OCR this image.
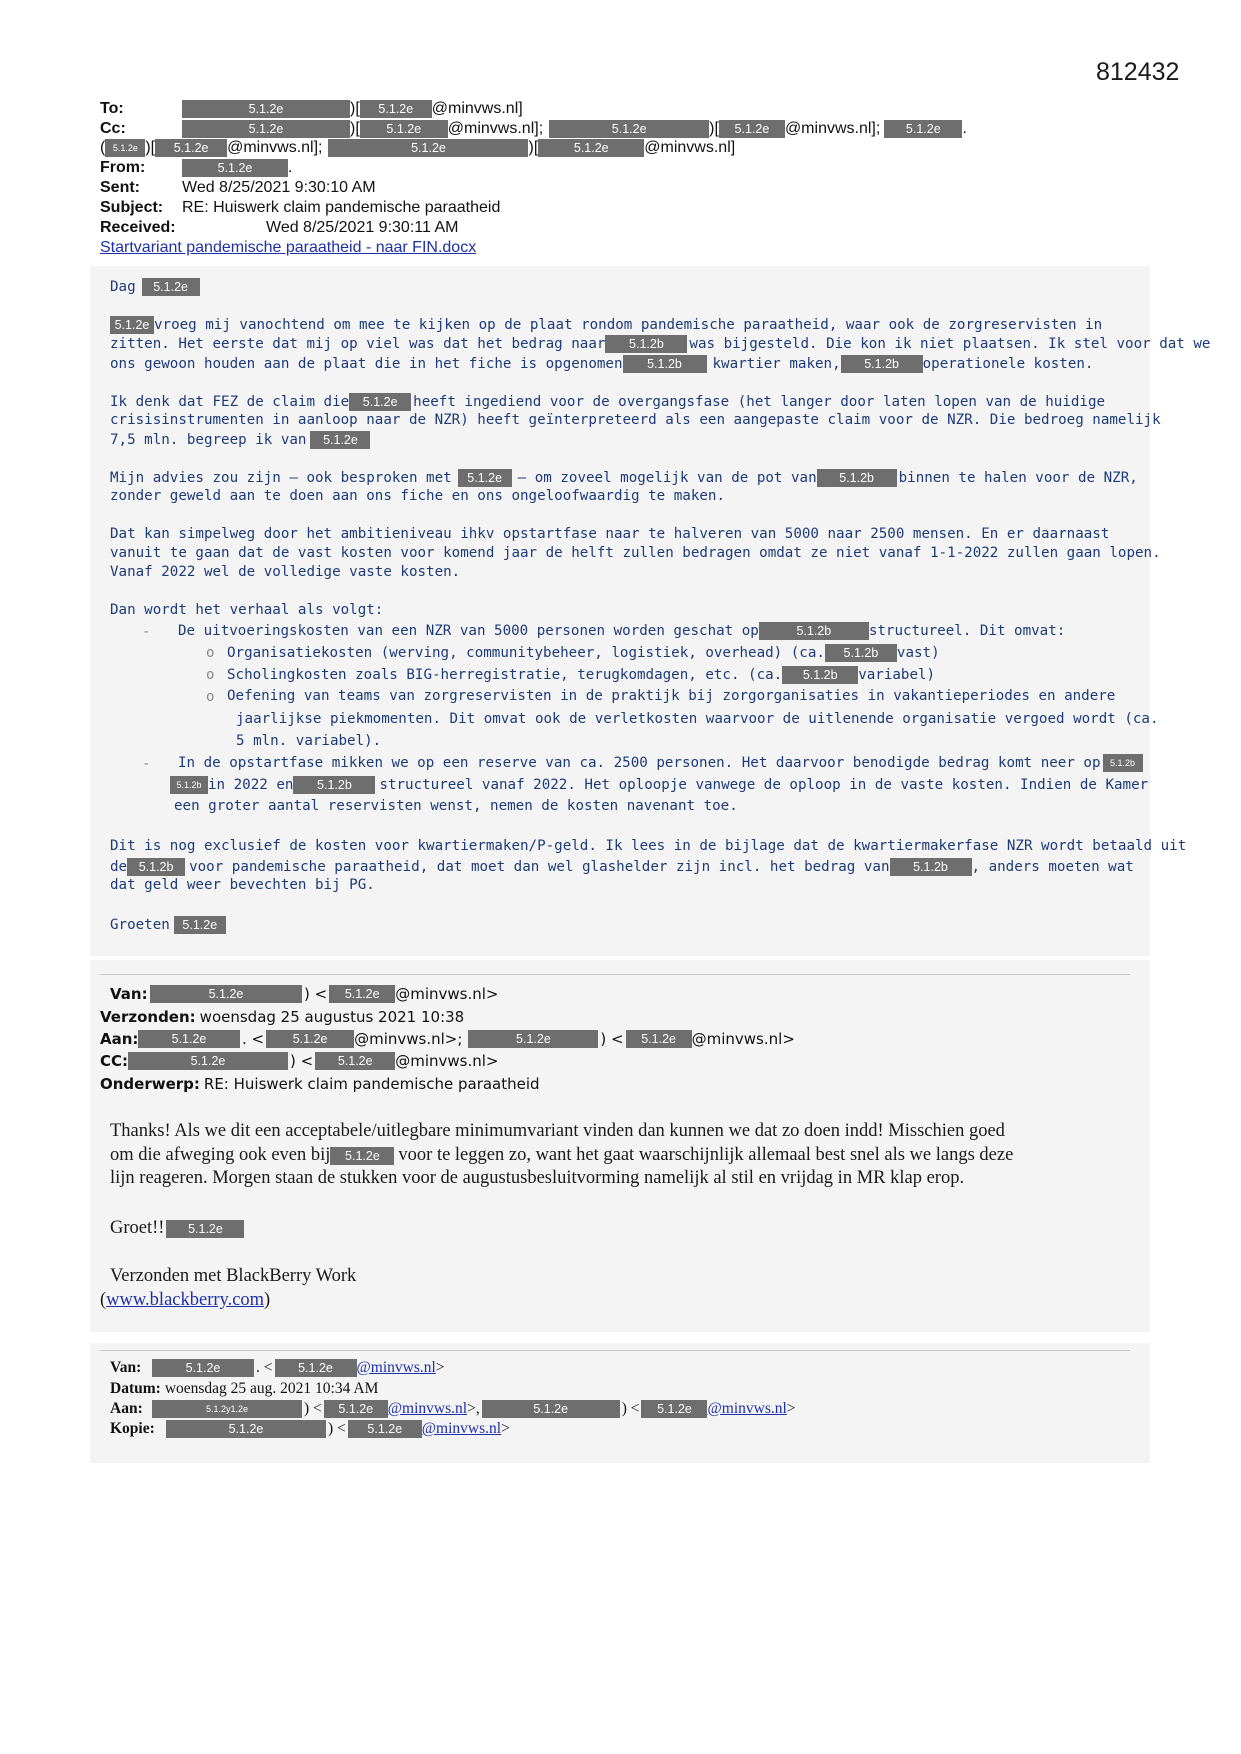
812432
To:	5.1.2e	)[	5.1.2e	@minvws.nl]
Cc:	5.1.2e	)[	5.1.2e	@minvws.nl];	5.1.2e	)[	5.1.2e @minvws.nl];	5.1.2e	.
( 5.1.2e )[	5.1.2e	@minvws.nl];	5.1.2e	)[	5.1.2e	@minvws.nl]
From:	5.1.2e	.
Sent:	Wed 8/25/2021 9:30:10 AM
Subject:	RE: Huiswerk claim pandemische paraatheid
Received:	Wed 8/25/2021 9:30:11 AM
Startvariant pandemische paraatheid - naar FIN.docx
Dag	5.1.2e
5.1.2e vroeg mij vanochtend om mee te kijken op de plaat rondom pandemische paraatheid, waar ook de zorgreservisten in
zitten. Het eerste dat mij op viel was dat het bedrag naar	5.1.2b	was bijgesteld. Die kon ik niet plaatsen. Ik stel voor dat we
ons gewoon houden aan de plaat die in het fiche is opgenomen	5.1.2b	kwartier maken,	5.1.2b	operationele kosten.
Ik denk dat FEZ de claim die	5.1.2e	heeft ingediend voor de overgangsfase (het langer door laten lopen van de huidige
crisisinstrumenten in aanloop naar de NZR) heeft geïnterpreteerd als een aangepaste claim voor de NZR. Die bedroeg namelijk
7,5 mln. begreep ik van	5.1.2e
Mijn advies zou zijn – ook besproken met	5.1.2e	– om zoveel mogelijk van de pot van	5.1.2b	binnen te halen voor de NZR,
zonder geweld aan te doen aan ons fiche en ons ongeloofwaardig te maken.
Dat kan simpelweg door het ambitieniveau ihkv opstartfase naar te halveren van 5000 naar 2500 mensen. En er daarnaast
vanuit te gaan dat de vast kosten voor komend jaar de helft zullen bedragen omdat ze niet vanaf 1-1-2022 zullen gaan lopen.
Vanaf 2022 wel de volledige vaste kosten.
Dan wordt het verhaal als volgt:
- De uitvoeringskosten van een NZR van 5000 personen worden geschat op	5.1.2b	structureel. Dit omvat:
o Organisatiekosten (werving, communitybeheer, logistiek, overhead) (ca.	5.1.2b	vast)
o Scholingkosten zoals BIG-herregistratie, terugkomdagen, etc. (ca.	5.1.2b	variabel)
o Oefening van teams van zorgreservisten in de praktijk bij zorgorganisaties in vakantieperiodes en andere
jaarlijkse piekmomenten. Dit omvat ook de verletkosten waarvoor de uitlenende organisatie vergoed wordt (ca.
5 mln. variabel).
- In de opstartfase mikken we op een reserve van ca. 2500 personen. Het daarvoor benodigde bedrag komt neer op	5.1.2b
5.1.2b in 2022 en	5.1.2b	structureel vanaf 2022. Het oploopje vanwege de oploop in de vaste kosten. Indien de Kamer
een groter aantal reservisten wenst, nemen de kosten navenant toe.
Dit is nog exclusief de kosten voor kwartiermaken/P-geld. Ik lees in de bijlage dat de kwartiermakerfase NZR wordt betaald uit
de 5.1.2b	voor pandemische paraatheid, dat moet dan wel glashelder zijn incl. het bedrag van	5.1.2b	, anders moeten wat
dat geld weer bevechten bij PG.
Groeten	5.1.2e
Van:	5.1.2e	) <	5.1.2e	@minvws.nl>
Verzonden: woensdag 25 augustus 2021 10:38
Aan:	5.1.2e	. <	5.1.2e	@minvws.nl>;	5.1.2e	) <	5.1.2e	@minvws.nl>
CC:	5.1.2e	) <	5.1.2e	@minvws.nl>
Onderwerp: RE: Huiswerk claim pandemische paraatheid
Thanks! Als we dit een acceptabele/uitlegbare minimumvariant vinden dan kunnen we dat zo doen indd! Misschien goed
om die afweging ook even bij	5.1.2e	voor te leggen zo, want het gaat waarschijnlijk allemaal best snel als we langs deze
lijn reageren. Morgen staan de stukken voor de augustusbesluitvorming namelijk al stil en vrijdag in MR klap erop.
Groet!!	5.1.2e
Verzonden met BlackBerry Work
( www.blackberry.com )
Van:	5.1.2e	. <	5.1.2e	@minvws.nl >
Datum: woensdag 25 aug. 2021 10:34 AM
Aan:	5.1.2y1.2e	) <	5.1.2e @minvws.nl >,	5.1.2e	) <	5.1.2e	@minvws.nl >
Kopie:	5.1.2e	) <	5.1.2e	@minvws.nl >
